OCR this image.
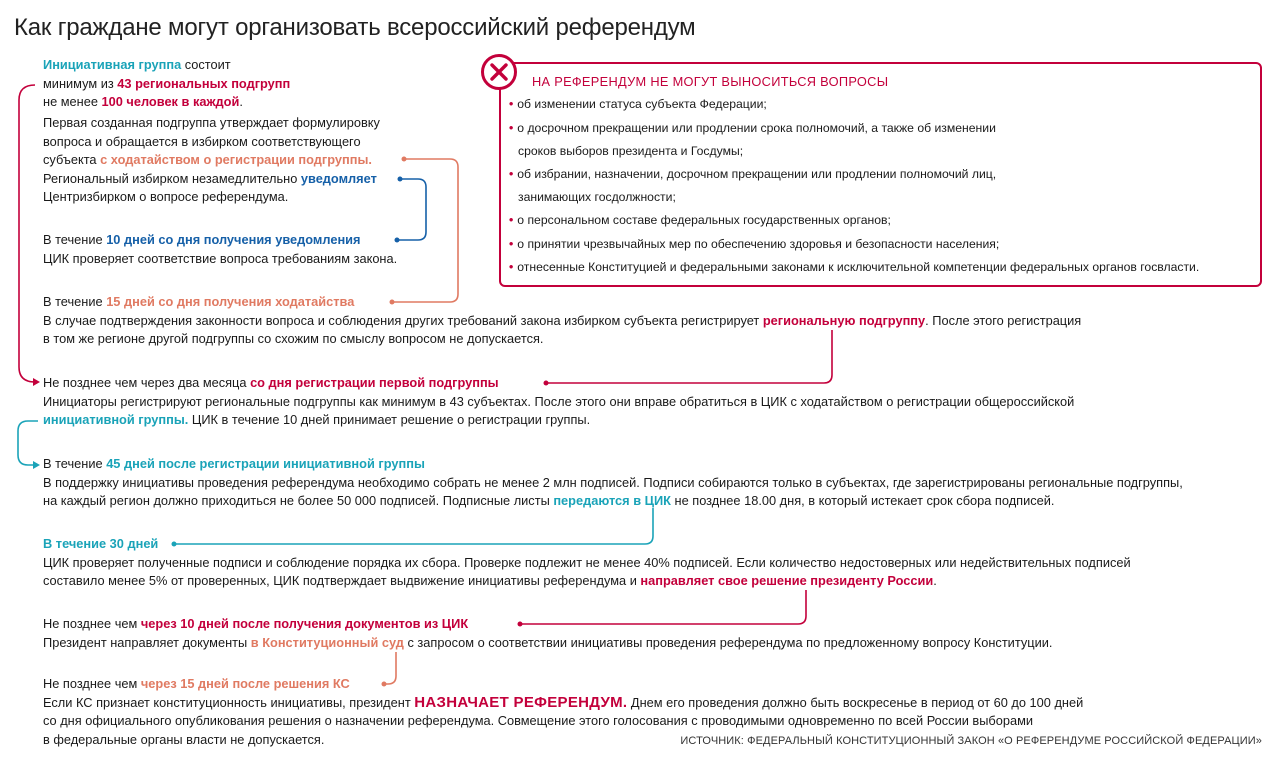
Как граждане могут организовать всероссийский референдум
Инициативная группа состоит
минимум из 43 региональных подгрупп
не менее 100 человек в каждой.
Первая созданная подгруппа утверждает формулировку
вопроса и обращается в избирком соответствующего
субъекта с ходатайством о регистрации подгруппы.
Региональный избирком незамедлительно уведомляет
Центризбирком о вопросе референдума.
В течение 10 дней со дня получения уведомления
ЦИК проверяет соответствие вопроса требованиям закона.
В течение 15 дней со дня получения ходатайства
В случае подтверждения законности вопроса и соблюдения других требований закона избирком субъекта регистрирует региональную подгруппу. После этого регистрация
в том же регионе другой подгруппы со схожим по смыслу вопросом не допускается.
Не позднее чем через два месяца со дня регистрации первой подгруппы
Инициаторы регистрируют региональные подгруппы как минимум в 43 субъектах. После этого они вправе обратиться в ЦИК с ходатайством о регистрации общероссийской
инициативной группы. ЦИК в течение 10 дней принимает решение о регистрации группы.
В течение 45 дней после регистрации инициативной группы
В поддержку инициативы проведения референдума необходимо собрать не менее 2 млн подписей. Подписи собираются только в субъектах, где зарегистрированы региональные подгруппы,
на каждый регион должно приходиться не более 50 000 подписей. Подписные листы передаются в ЦИК не позднее 18.00 дня, в который истекает срок сбора подписей.
В течение 30 дней
ЦИК проверяет полученные подписи и соблюдение порядка их сбора. Проверке подлежит не менее 40% подписей. Если количество недостоверных или недействительных подписей
составило менее 5% от проверенных, ЦИК подтверждает выдвижение инициативы референдума и направляет свое решение президенту России.
Не позднее чем через 10 дней после получения документов из ЦИК
Президент направляет документы в Конституционный суд с запросом о соответствии инициативы проведения референдума по предложенному вопросу Конституции.
Не позднее чем через 15 дней после решения КС
Если КС признает конституционность инициативы, президент НАЗНАЧАЕТ РЕФЕРЕНДУМ. Днем его проведения должно быть воскресенье в период от 60 до 100 дней
со дня официального опубликования решения о назначении референдума. Совмещение этого голосования с проводимыми одновременно по всей России выборами
в федеральные органы власти не допускается.
НА РЕФЕРЕНДУМ НЕ МОГУТ ВЫНОСИТЬСЯ ВОПРОСЫ
• об изменении статуса субъекта Федерации;
• о досрочном прекращении или продлении срока полномочий, а также об изменении
сроков выборов президента и Госдумы;
• об избрании, назначении, досрочном прекращении или продлении полномочий лиц,
занимающих госдолжности;
• о персональном составе федеральных государственных органов;
• о принятии чрезвычайных мер по обеспечению здоровья и безопасности населения;
• отнесенные Конституцией и федеральными законами к исключительной компетенции федеральных органов госвласти.
ИСТОЧНИК: ФЕДЕРАЛЬНЫЙ КОНСТИТУЦИОННЫЙ ЗАКОН «О РЕФЕРЕНДУМЕ РОССИЙСКОЙ ФЕДЕРАЦИИ»
